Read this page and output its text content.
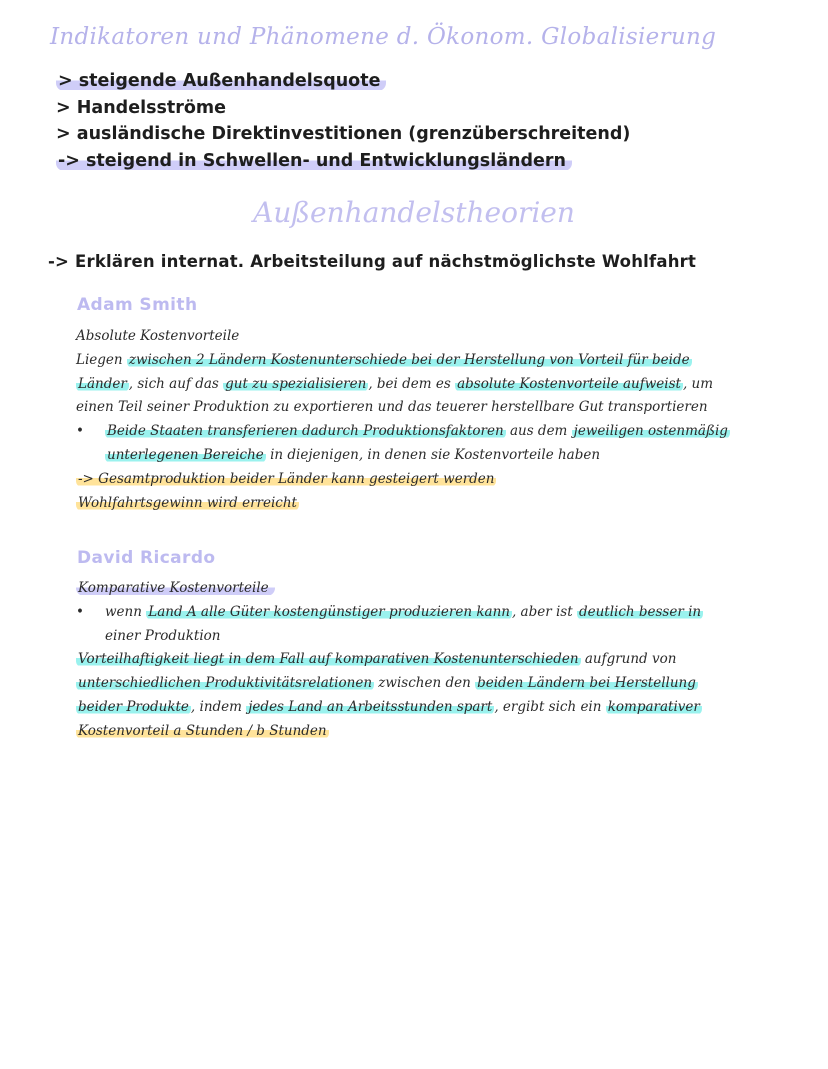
Indikatoren und Phänomene d. Ökonom. Globalisierung
> steigende Außenhandelsquote
> Handelsströme
> ausländische Direktinvestitionen (grenzüberschreitend)
-> steigend in Schwellen- und Entwicklungsländern
Außenhandelstheorien
-> Erklären internat. Arbeitsteilung auf nächstmöglichste Wohlfahrt
Adam Smith
Absolute Kostenvorteile
Liegen zwischen 2 Ländern Kostenunterschiede bei der Herstellung von Vorteil für beide
Länder , sich auf das gut zu spezialisieren , bei dem es absolute Kostenvorteile aufweist , um
einen Teil seiner Produktion zu exportieren und das teuerer herstellbare Gut transportieren
• Beide Staaten transferieren dadurch Produktionsfaktoren aus dem jeweiligen ostenmäßig
unterlegenen Bereiche in diejenigen, in denen sie Kostenvorteile haben
-> Gesamtproduktion beider Länder kann gesteigert werden
Wohlfahrtsgewinn wird erreicht
David Ricardo
Komparative Kostenvorteile
• wenn Land A alle Güter kostengünstiger produzieren kann , aber ist deutlich besser in
einer Produktion
Vorteilhaftigkeit liegt in dem Fall auf komparativen Kostenunterschieden aufgrund von
unterschiedlichen Produktivitätsrelationen zwischen den beiden Ländern bei Herstellung
beider Produkte , indem jedes Land an Arbeitsstunden spart , ergibt sich ein komparativer
Kostenvorteil a Stunden / b Stunden
